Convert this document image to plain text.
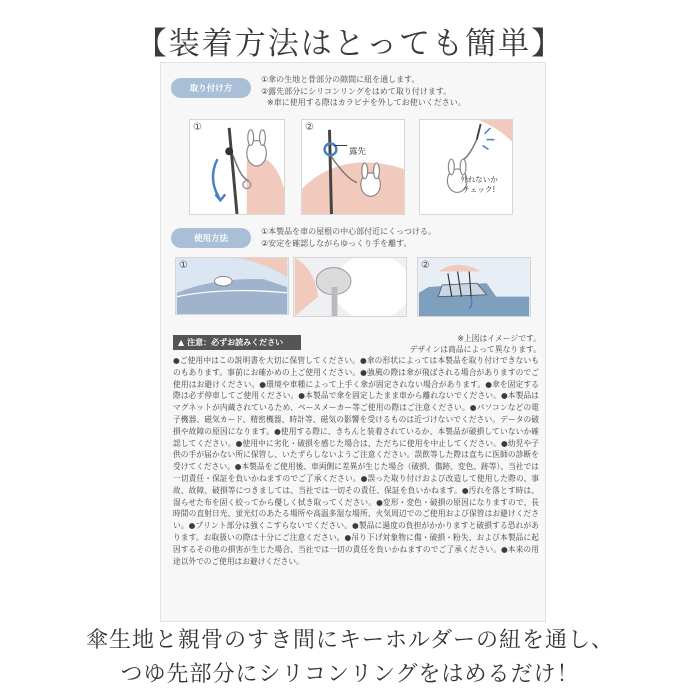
【装着方法はとっても簡単】
取り付け方
①傘の生地と骨部分の隙間に紐を通します。
②露先部分にシリコンリングをはめて取り付けます。
※車に使用する際はカラビナを外してお使いください。
①	②
露先
外れないか
チェック!
使用方法
①本製品を車の屋根の中心部付近にくっつける。
②安定を確認しながらゆっくり手を離す。
①	②
▲ 注意：必ずお読みください	※上図はイメージです。
デザインは商品によって異なります。
●ご使用中はこの説明書を大切に保管してください。●傘の形状によっては本製品を取り付けできないものもあります。事前にお確かめの上ご使用ください。●強風の際は傘が飛ばされる場合がありますのでご使用はお避けください。●環境や車種によって上手く傘が固定されない場合があります。●傘を固定する際は必ず停車してご使用ください。●本製品で傘を固定したまま車から離れないでください。●本製品はマグネットが内蔵されているため、ペースメーカー等ご使用の際はご注意ください。●パソコンなどの電子機器、磁気カード、精密機器、時計等、磁気の影響を受けるものは近づけないでください。データの破損や故障の原因になります。●使用する際に、きちんと装着されているか、本製品が破損していないか確認してください。●使用中に劣化・破損を感じた場合は、ただちに使用を中止してください。●幼児や子供の手が届かない所に保管し、いたずらしないようご注意ください。誤飲等した際は直ちに医師の診断を受けてください。●本製品をご使用後、車両側に差異が生じた場合（破損、傷跡、変色、跡等）、当社では一切責任・保証を負いかねますのでご了承ください。●誤った取り付けおよび改造して使用した際の、事故、故障、破損等につきましては、当社では一切その責任、保証を負いかねます。●汚れを落とす時は、湿らせた布を固く絞ってから優しく拭き取ってください。●変形・変色・破損の原因になりますので、長時間の直射日光、蛍光灯のあたる場所や高温多湿な場所、火気周辺でのご使用および保管はお避けください。●プリント部分は強くこすらないでください。●製品に過度の負担がかかりますと破損する恐れがあります。お取扱いの際は十分にご注意ください。●吊り下げ対象物に傷・破損・粉失、および本製品に起因するその他の損害が生じた場合、当社では一切の責任を負いかねますのでご了承ください。●本来の用途以外でのご使用はお避けください。
傘生地と親骨のすき間にキーホルダーの紐を通し、
つゆ先部分にシリコンリングをはめるだけ！
